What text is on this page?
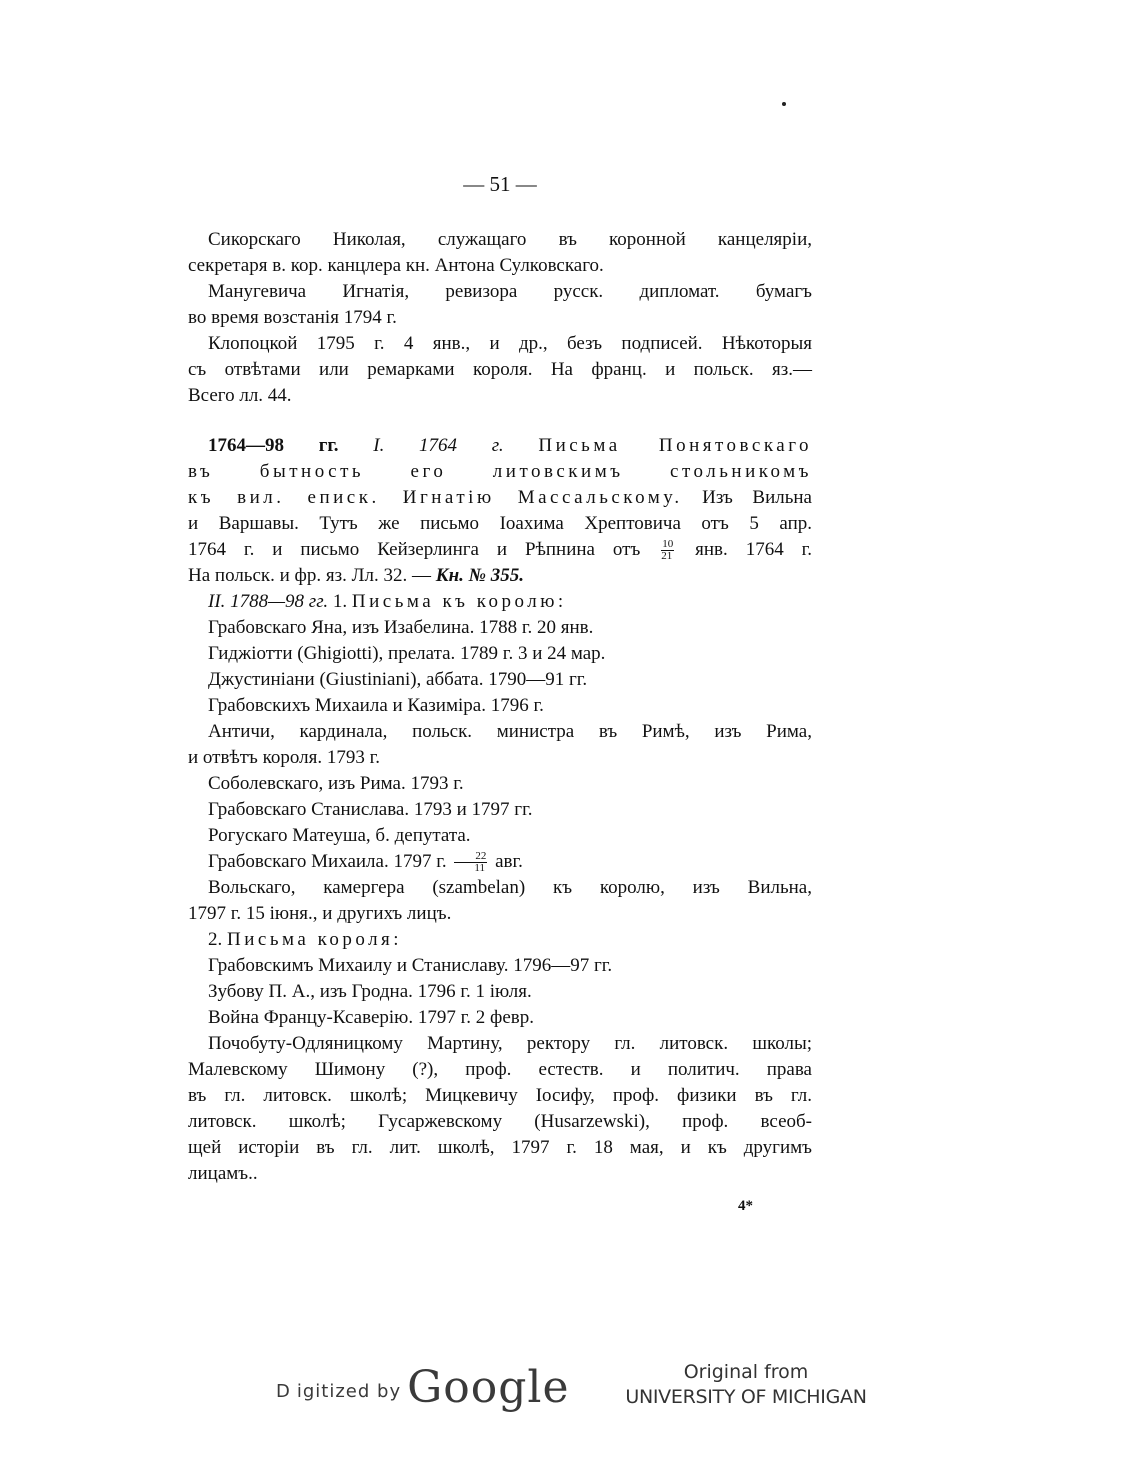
— 51 —
Сикорскаго Николая, служащаго въ коронной канцеляріи,
секретаря в. кор. канцлера кн. Антона Сулковскаго.
Манугевича Игнатія, ревизора русск. дипломат. бумагъ
во время возстанія 1794 г.
Клопоцкой 1795 г. 4 янв., и др., безъ подписей. Нѣкоторыя
съ отвѣтами или ремарками короля. На франц. и польск. яз.—
Всего лл. 44.
1764—98 гг. I. 1764 г. Письма Понятовскаго
въ бытность его литовскимъ стольникомъ
къ вил. еписк. Игнатію Массальскому. Изъ Вильна
и Варшавы. Тутъ же письмо Іоахима Хрептовича отъ 5 апр.
1764 г. и письмо Кейзерлинга и Рѣпнина отъ $\frac{10}{21}$ янв. 1764 г.
На польск. и фр. яз. Лл. 32. — Кн. № 355.
II. 1788—98 гг. 1. Письма къ королю:
Грабовскаго Яна, изъ Изабелина. 1788 г. 20 янв.
Гиджіотти (Ghigiotti), прелата. 1789 г. 3 и 24 мар.
Джустиніани (Giustiniani), аббата. 1790—91 гг.
Грабовскихъ Михаила и Казиміра. 1796 г.
Античи, кардинала, польск. министра въ Римѣ, изъ Рима,
и отвѣтъ короля. 1793 г.
Соболевскаго, изъ Рима. 1793 г.
Грабовскаго Станислава. 1793 и 1797 гг.
Рогускаго Матеуша, б. депутата.
Грабовскаго Михаила. 1797 г. $\frac{22}{11}$ авг.
Вольскаго, камергера (szambelan) къ королю, изъ Вильна,
1797 г. 15 іюня., и другихъ лицъ.
2. Письма короля:
Грабовскимъ Михаилу и Станиславу. 1796—97 гг.
Зубову П. А., изъ Гродна. 1796 г. 1 іюля.
Война Францу-Ксаверію. 1797 г. 2 февр.
Почобуту-Одляницкому Мартину, ректору гл. литовск. школы;
Малевскому Шимону (?), проф. естеств. и политич. права
въ гл. литовск. школѣ; Мицкевичу Іосифу, проф. физики въ гл.
литовск. школѣ; Гусаржевскому (Husarzewski), проф. всеоб-
щей исторіи въ гл. лит. школѣ, 1797 г. 18 мая, и къ другимъ
лицамъ..
4*
D igitized by Google	Original from
UNIVERSITY OF MICHIGAN
